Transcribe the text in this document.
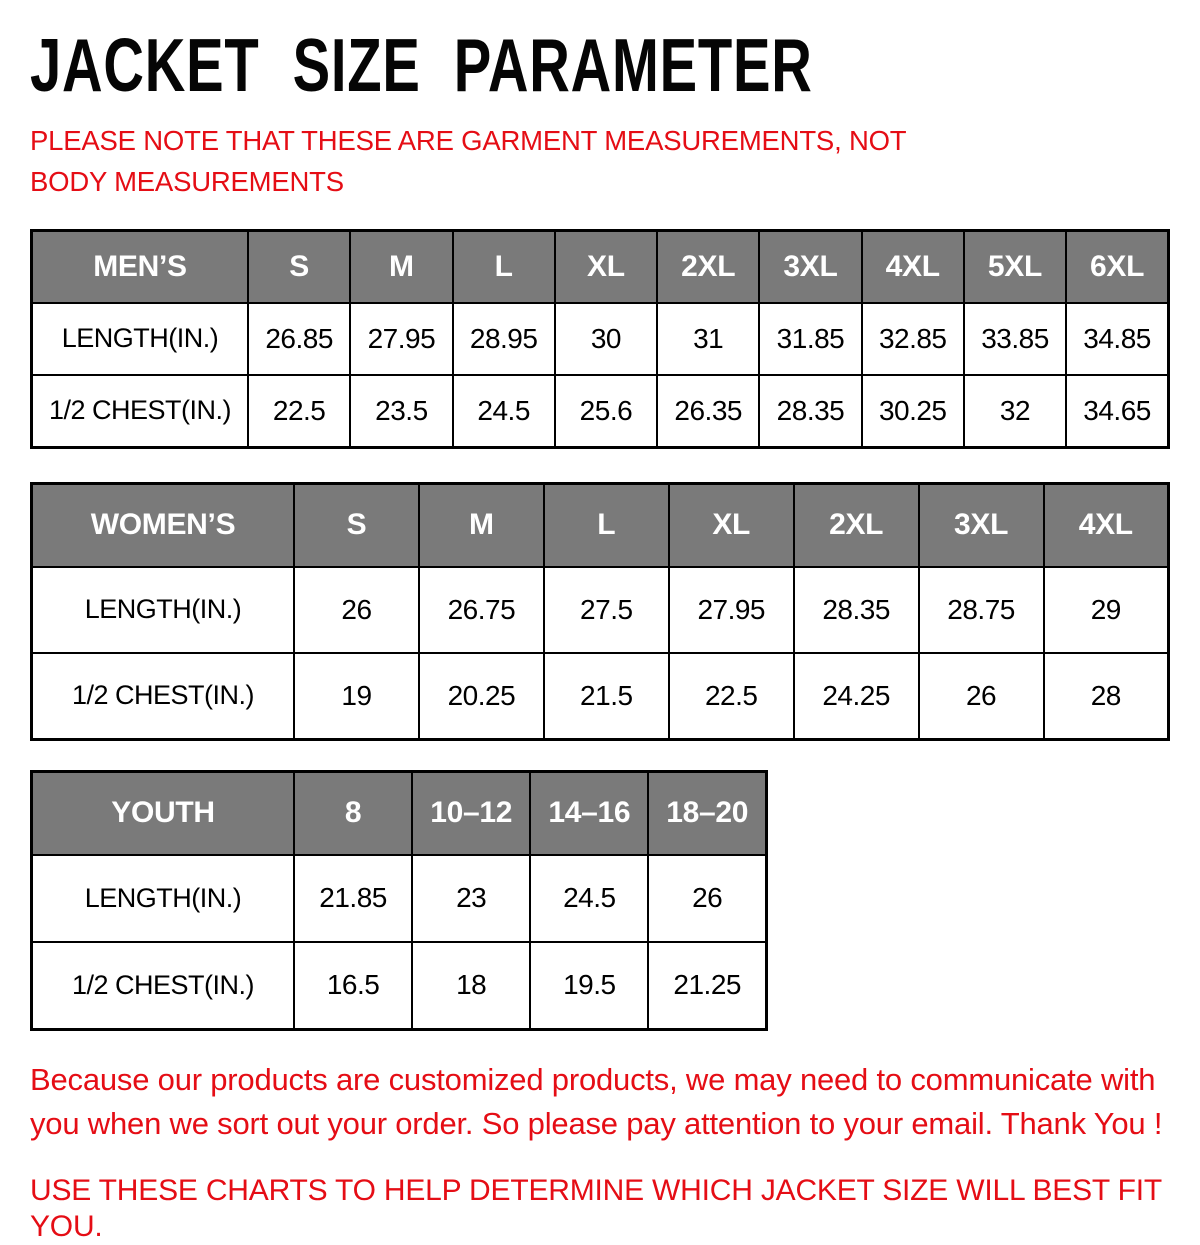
JACKET SIZE PARAMETER
PLEASE NOTE THAT THESE ARE GARMENT MEASUREMENTS, NOT BODY MEASUREMENTS
MEN’S	S	M	L	XL	2XL	3XL	4XL	5XL	6XL
LENGTH(IN.)	26.85	27.95	28.95	30	31	31.85	32.85	33.85	34.85
1/2 CHEST(IN.)	22.5	23.5	24.5	25.6	26.35	28.35	30.25	32	34.65
WOMEN’S	S	M	L	XL	2XL	3XL	4XL
LENGTH(IN.)	26	26.75	27.5	27.95	28.35	28.75	29
1/2 CHEST(IN.)	19	20.25	21.5	22.5	24.25	26	28
YOUTH	8	10–12	14–16	18–20
LENGTH(IN.)	21.85	23	24.5	26
1/2 CHEST(IN.)	16.5	18	19.5	21.25
Because our products are customized products, we may need to communicate with you when we sort out your order. So please pay attention to your email. Thank You !
USE THESE CHARTS TO HELP DETERMINE WHICH JACKET SIZE WILL BEST FIT YOU.
